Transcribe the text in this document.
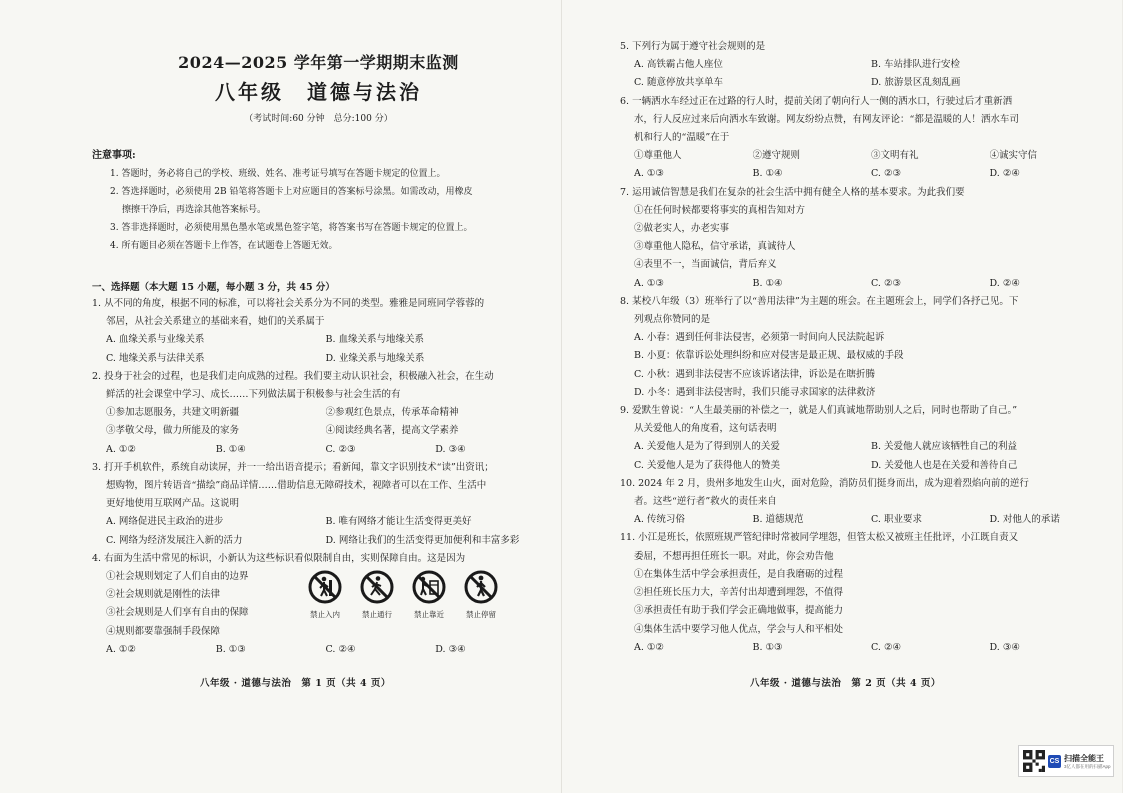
2024—2025 学年第一学期期末监测
八年级　道德与法治
（考试时间:60 分钟　总分:100 分）
注意事项:
1. 答题时，务必将自己的学校、班级、姓名、准考证号填写在答题卡规定的位置上。
2. 答选择题时，必须使用 2B 铅笔将答题卡上对应题目的答案标号涂黑。如需改动，用橡皮
擦擦干净后，再选涂其他答案标号。
3. 答非选择题时，必须使用黑色墨水笔或黑色签字笔，将答案书写在答题卡规定的位置上。
4. 所有题目必须在答题卡上作答，在试题卷上答题无效。
一、选择题（本大题 15 小题，每小题 3 分，共 45 分）
1. 从不同的角度，根据不同的标准，可以将社会关系分为不同的类型。雅雅是同班同学蓉蓉的
邻居，从社会关系建立的基础来看，她们的关系属于
A. 血缘关系与业缘关系	B. 血缘关系与地缘关系
C. 地缘关系与法律关系	D. 业缘关系与地缘关系
2. 投身于社会的过程，也是我们走向成熟的过程。我们要主动认识社会，积极融入社会，在生动
鲜活的社会课堂中学习、成长……下列做法属于积极参与社会生活的有
①参加志愿服务，共建文明新疆	②参观红色景点，传承革命精神
③孝敬父母，做力所能及的家务	④阅读经典名著，提高文学素养
A. ①②	B. ①④	C. ②③	D. ③④
3. 打开手机软件，系统自动读屏，并一一给出语音提示；看新闻，靠文字识别技术“读”出资讯；
想购物，图片转语音“描绘”商品详情……借助信息无障碍技术，视障者可以在工作、生活中
更好地使用互联网产品。这说明
A. 网络促进民主政治的进步	B. 唯有网络才能让生活变得更美好
C. 网络为经济发展注入新的活力	D. 网络让我们的生活变得更加便利和丰富多彩
4. 右面为生活中常见的标识，小新认为这些标识看似限制自由，实则保障自由。这是因为
①社会规则划定了人们自由的边界
②社会规则就是刚性的法律
③社会规则是人们享有自由的保障
④规则都要靠强制手段保障
A. ①②	B. ①③	C. ②④	D. ③④
禁止入内	禁止通行	禁止靠近	禁止停留
八年级 · 道德与法治　第 1 页（共 4 页）
5. 下列行为属于遵守社会规则的是
A. 高铁霸占他人座位	B. 车站排队进行安检
C. 随意停放共享单车	D. 旅游景区乱刻乱画
6. 一辆洒水车经过正在过路的行人时，提前关闭了朝向行人一侧的洒水口，行驶过后才重新洒
水，行人反应过来后向洒水车致谢。网友纷纷点赞，有网友评论：“都是温暖的人！洒水车司
机和行人的“温暖”在于
①尊重他人	②遵守规则	③文明有礼	④诚实守信
A. ①③	B. ①④	C. ②③	D. ②④
7. 运用诚信智慧是我们在复杂的社会生活中拥有健全人格的基本要求。为此我们要
①在任何时候都要将事实的真相告知对方
②做老实人，办老实事
③尊重他人隐私，信守承诺，真诚待人
④表里不一，当面诚信，背后弃义
A. ①③	B. ①④	C. ②③	D. ②④
8. 某校八年级（3）班举行了以“善用法律”为主题的班会。在主题班会上，同学们各抒己见。下
列观点你赞同的是
A. 小春：遇到任何非法侵害，必须第一时间向人民法院起诉
B. 小夏：依靠诉讼处理纠纷和应对侵害是最正规、最权威的手段
C. 小秋：遇到非法侵害不应该诉诸法律，诉讼是在瞎折腾
D. 小冬：遇到非法侵害时，我们只能寻求国家的法律救济
9. 爱默生曾说：“人生最美丽的补偿之一，就是人们真诚地帮助别人之后，同时也帮助了自己。”
从关爱他人的角度看，这句话表明
A. 关爱他人是为了得到别人的关爱	B. 关爱他人就应该牺牲自己的利益
C. 关爱他人是为了获得他人的赞美	D. 关爱他人也是在关爱和善待自己
10. 2024 年 2 月，贵州多地发生山火，面对危险，消防员们挺身而出，成为迎着烈焰向前的逆行
者。这些“逆行者”救火的责任来自
A. 传统习俗	B. 道德规范	C. 职业要求	D. 对他人的承诺
11. 小江是班长，依照班规严管纪律时常被同学埋怨，但管太松又被班主任批评，小江既自责又
委屈，不想再担任班长一职。对此，你会劝告他
①在集体生活中学会承担责任，是自我磨砺的过程
②担任班长压力大，辛苦付出却遭到埋怨，不值得
③承担责任有助于我们学会正确地做事，提高能力
④集体生活中要学习他人优点，学会与人和平相处
A. ①②	B. ①③	C. ②④	D. ③④
八年级 · 道德与法治　第 2 页（共 4 页）
CS 扫描全能王
3亿人都在用的扫描App
